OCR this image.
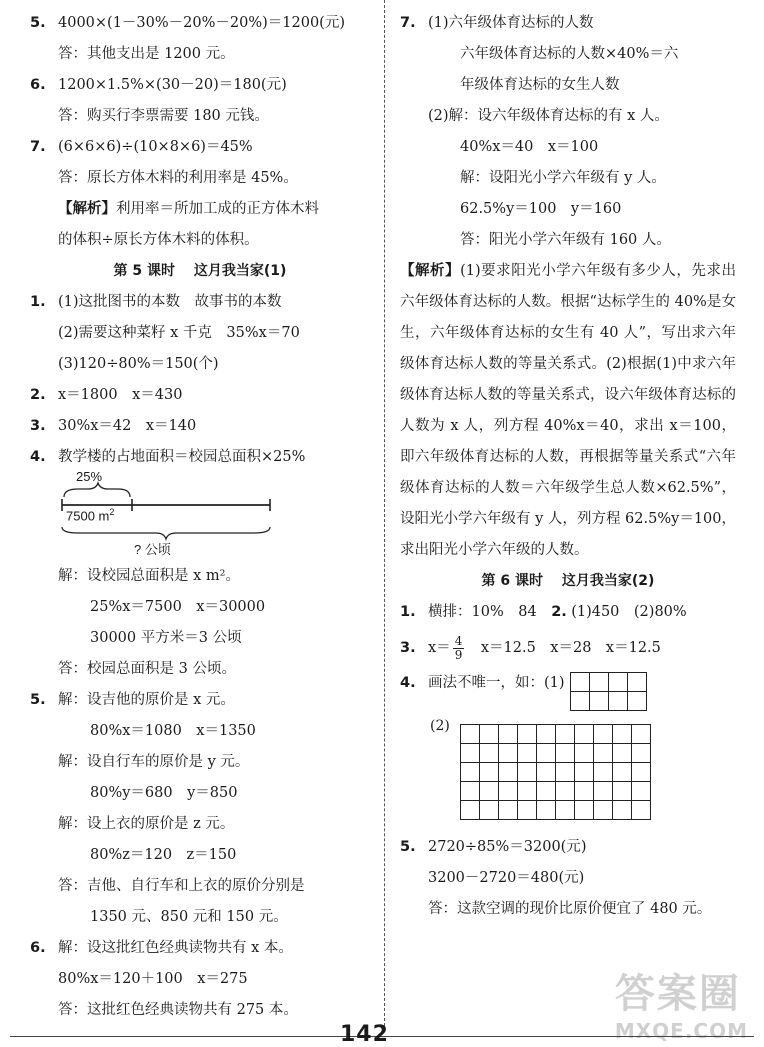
5. 4000×(1－30%－20%－20%)＝1200(元)
答：其他支出是 1200 元。
6. 1200×1.5%×(30－20)＝180(元)
答：购买行李票需要 180 元钱。
7. (6×6×6)÷(10×8×6)＝45%
答：原长方体木料的利用率是 45%。
【解析】利用率＝所加工成的正方体木料
的体积÷原长方体木料的体积。
第 5 课时　 这月我当家(1)
1. (1)这批图书的本数　故事书的本数
(2)需要这种菜籽 x 千克　35%x＝70
(3)120÷80%＝150(个)
2. x＝1800　x＝430
3. 30%x＝42　x＝140
4. 教学楼的占地面积＝校园总面积×25%
25%
7500 $m^2$
? 公顷
解：设校园总面积是 x m²。
25%x＝7500　x＝30000
30000 平方米＝3 公顷
答：校园总面积是 3 公顷。
5. 解：设吉他的原价是 x 元。
80%x＝1080　x＝1350
解：设自行车的原价是 y 元。
80%y＝680　y＝850
解：设上衣的原价是 z 元。
80%z＝120　z＝150
答：吉他、自行车和上衣的原价分别是
1350 元、850 元和 150 元。
6. 解：设这批红色经典读物共有 x 本。
80%x＝120＋100　x＝275
答：这批红色经典读物共有 275 本。
7. (1)六年级体育达标的人数
六年级体育达标的人数×40%＝六
年级体育达标的女生人数
(2)解：设六年级体育达标的有 x 人。
40%x＝40　x＝100
解：设阳光小学六年级有 y 人。
62.5%y＝100　y＝160
答：阳光小学六年级有 160 人。
【解析】(1)要求阳光小学六年级有多少人，先求出六年级体育达标的人数。根据“达标学生的 40%是女生，六年级体育达标的女生有 40 人”，写出求六年级体育达标人数的等量关系式。(2)根据(1)中求六年级体育达标人数的等量关系式，设六年级体育达标的人数为 x 人，列方程 40%x＝40，求出 x＝100，即六年级体育达标的人数，再根据等量关系式“六年级体育达标的人数＝六年级学生总人数×62.5%”，设阳光小学六年级有 y 人，列方程 62.5%y＝100，求出阳光小学六年级的人数。
第 6 课时　 这月我当家(2)
1. 横排：10%　84　 2. (1)450　(2)80%
3. $x= \frac{4}{9}$
　 x＝12.5　x＝28　x＝12.5
4. 画法不唯一，如：(1)

(2)

5. 2720÷85%＝3200(元)
3200－2720＝480(元)
答：这款空调的现价比原价便宜了 480 元。
答案圈
MXQE.COM
142
